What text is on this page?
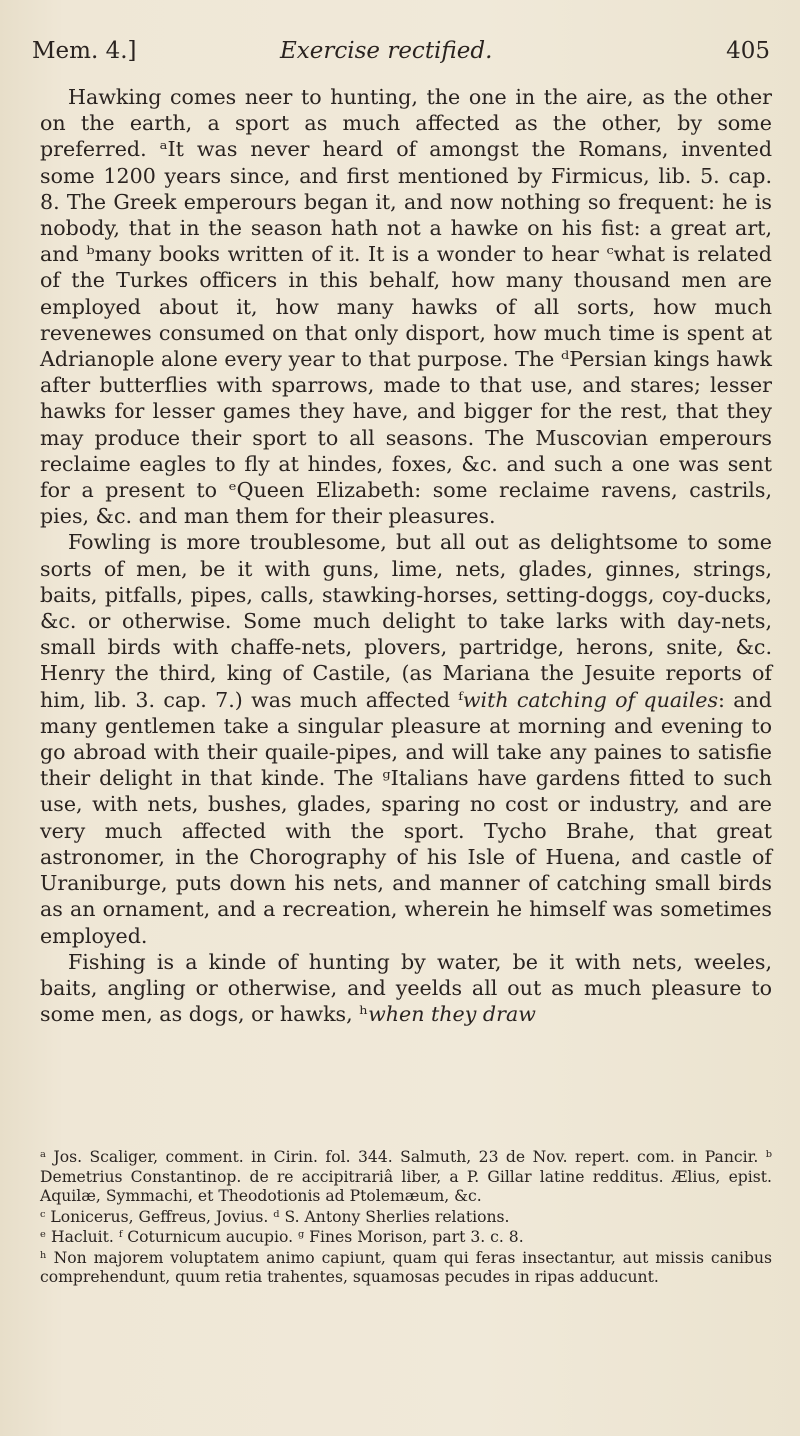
Mem. 4.]	Exercise rectified.	405

Hawking comes neer to hunting, the one in the aire, as the other on the earth, a sport as much affected as the other, by some preferred. ᵃIt was never heard of amongst the Romans, invented some 1200 years since, and first mentioned by Firmicus, lib. 5. cap. 8. The Greek emperours began it, and now nothing so frequent: he is nobody, that in the season hath not a hawke on his fist: a great art, and ᵇmany books written of it. It is a wonder to hear ᶜwhat is related of the Turkes officers in this behalf, how many thousand men are employed about it, how many hawks of all sorts, how much revenewes consumed on that only disport, how much time is spent at Adrianople alone every year to that purpose. The ᵈPersian kings hawk after butterflies with sparrows, made to that use, and stares; lesser hawks for lesser games they have, and bigger for the rest, that they may produce their sport to all seasons. The Muscovian emperours reclaime eagles to fly at hindes, foxes, &c. and such a one was sent for a present to ᵉQueen Elizabeth: some reclaime ravens, castrils, pies, &c. and man them for their pleasures.

Fowling is more troublesome, but all out as delightsome to some sorts of men, be it with guns, lime, nets, glades, ginnes, strings, baits, pitfalls, pipes, calls, stawking-horses, setting-doggs, coy-ducks, &c. or otherwise. Some much delight to take larks with day-nets, small birds with chaffe-nets, plovers, partridge, herons, snite, &c. Henry the third, king of Castile, (as Mariana the Jesuite reports of him, lib. 3. cap. 7.) was much affected ᶠwith catching of quailes: and many gentlemen take a singular pleasure at morning and evening to go abroad with their quaile-pipes, and will take any paines to satisfie their delight in that kinde. The ᵍItalians have gardens fitted to such use, with nets, bushes, glades, sparing no cost or industry, and are very much affected with the sport. Tycho Brahe, that great astronomer, in the Chorography of his Isle of Huena, and castle of Uraniburge, puts down his nets, and manner of catching small birds as an ornament, and a recreation, wherein he himself was sometimes employed.

Fishing is a kinde of hunting by water, be it with nets, weeles, baits, angling or otherwise, and yeelds all out as much pleasure to some men, as dogs, or hawks, ʰwhen they draw

ᵃ Jos. Scaliger, comment. in Cirin. fol. 344. Salmuth, 23 de Nov. repert. com. in Pancir. ᵇ Demetrius Constantinop. de re accipitrariâ liber, a P. Gillar latine redditus. Ælius, epist. Aquilæ, Symmachi, et Theodotionis ad Ptolemæum, &c.

ᶜ Lonicerus, Geffreus, Jovius. ᵈ S. Antony Sherlies relations.

ᵉ Hacluit. ᶠ Coturnicum aucupio. ᵍ Fines Morison, part 3. c. 8.

ʰ Non majorem voluptatem animo capiunt, quam qui feras insectantur, aut missis canibus comprehendunt, quum retia trahentes, squamosas pecudes in ripas adducunt.
